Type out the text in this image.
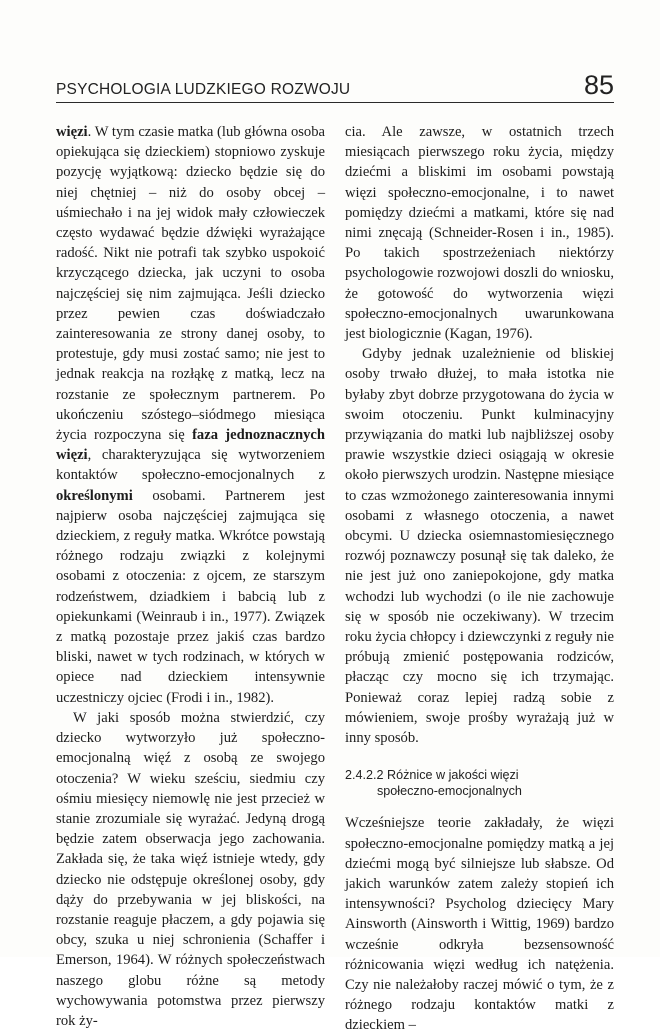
PSYCHOLOGIA LUDZKIEGO ROZWOJU	85

więzi. W tym czasie matka (lub główna osoba opiekująca się dzieckiem) stopniowo zyskuje pozycję wyjątkową: dziecko będzie się do niej chętniej – niż do osoby obcej – uśmiechało i na jej widok mały człowieczek często wydawać będzie dźwięki wyrażające radość. Nikt nie potrafi tak szybko uspokoić krzyczącego dziecka, jak uczyni to osoba najczęściej się nim zajmująca. Jeśli dziecko przez pewien czas doświadczało zainteresowania ze strony danej osoby, to protestuje, gdy musi zostać samo; nie jest to jednak reakcja na rozłąkę z matką, lecz na rozstanie ze społecznym partnerem. Po ukończeniu szóstego–siódmego miesiąca życia rozpoczyna się faza jednoznacznych więzi, charakteryzująca się wytworzeniem kontaktów społeczno-emocjonalnych z określonymi osobami. Partnerem jest najpierw osoba najczęściej zajmująca się dzieckiem, z reguły matka. Wkrótce powstają różnego rodzaju związki z kolejnymi osobami z otoczenia: z ojcem, ze starszym rodzeństwem, dziadkiem i babcią lub z opiekunkami (Weinraub i in., 1977). Związek z matką pozostaje przez jakiś czas bardzo bliski, nawet w tych rodzinach, w których w opiece nad dzieckiem intensywnie uczestniczy ojciec (Frodi i in., 1982).

W jaki sposób można stwierdzić, czy dziecko wytworzyło już społeczno-emocjonalną więź z osobą ze swojego otoczenia? W wieku sześciu, siedmiu czy ośmiu miesięcy niemowlę nie jest przecież w stanie zrozumiale się wyrażać. Jedyną drogą będzie zatem obserwacja jego zachowania. Zakłada się, że taka więź istnieje wtedy, gdy dziecko nie odstępuje określonej osoby, gdy dąży do przebywania w jej bliskości, na rozstanie reaguje płaczem, a gdy pojawia się obcy, szuka u niej schronienia (Schaffer i Emerson, 1964). W różnych społeczeństwach naszego globu różne są metody wychowywania potomstwa przez pierwszy rok ży-

cia. Ale zawsze, w ostatnich trzech miesiącach pierwszego roku życia, między dziećmi a bliskimi im osobami powstają więzi społeczno-emocjonalne, i to nawet pomiędzy dziećmi a matkami, które się nad nimi znęcają (Schneider-Rosen i in., 1985). Po takich spostrzeżeniach niektórzy psychologowie rozwojowi doszli do wniosku, że gotowość do wytworzenia więzi społeczno-emocjonalnych uwarunkowana jest biologicznie (Kagan, 1976).

Gdyby jednak uzależnienie od bliskiej osoby trwało dłużej, to mała istotka nie byłaby zbyt dobrze przygotowana do życia w swoim otoczeniu. Punkt kulminacyjny przywiązania do matki lub najbliższej osoby prawie wszystkie dzieci osiągają w okresie około pierwszych urodzin. Następne miesiące to czas wzmożonego zainteresowania innymi osobami z własnego otoczenia, a nawet obcymi. U dziecka osiemnastomiesięcznego rozwój poznawczy posunął się tak daleko, że nie jest już ono zaniepokojone, gdy matka wchodzi lub wychodzi (o ile nie zachowuje się w sposób nie oczekiwany). W trzecim roku życia chłopcy i dziewczynki z reguły nie próbują zmienić postępowania rodziców, płacząc czy mocno się ich trzymając. Ponieważ coraz lepiej radzą sobie z mówieniem, swoje prośby wyrażają już w inny sposób.

2.4.2.2 Różnice w jakości więzi
społeczno-emocjonalnych

Wcześniejsze teorie zakładały, że więzi społeczno-emocjonalne pomiędzy matką a jej dziećmi mogą być silniejsze lub słabsze. Od jakich warunków zatem zależy stopień ich intensywności? Psycholog dziecięcy Mary Ainsworth (Ainsworth i Wittig, 1969) bardzo wcześnie odkryła bezsensowność różnicowania więzi według ich natężenia. Czy nie należałoby raczej mówić o tym, że z różnego rodzaju kontaktów matki z dzieckiem –
